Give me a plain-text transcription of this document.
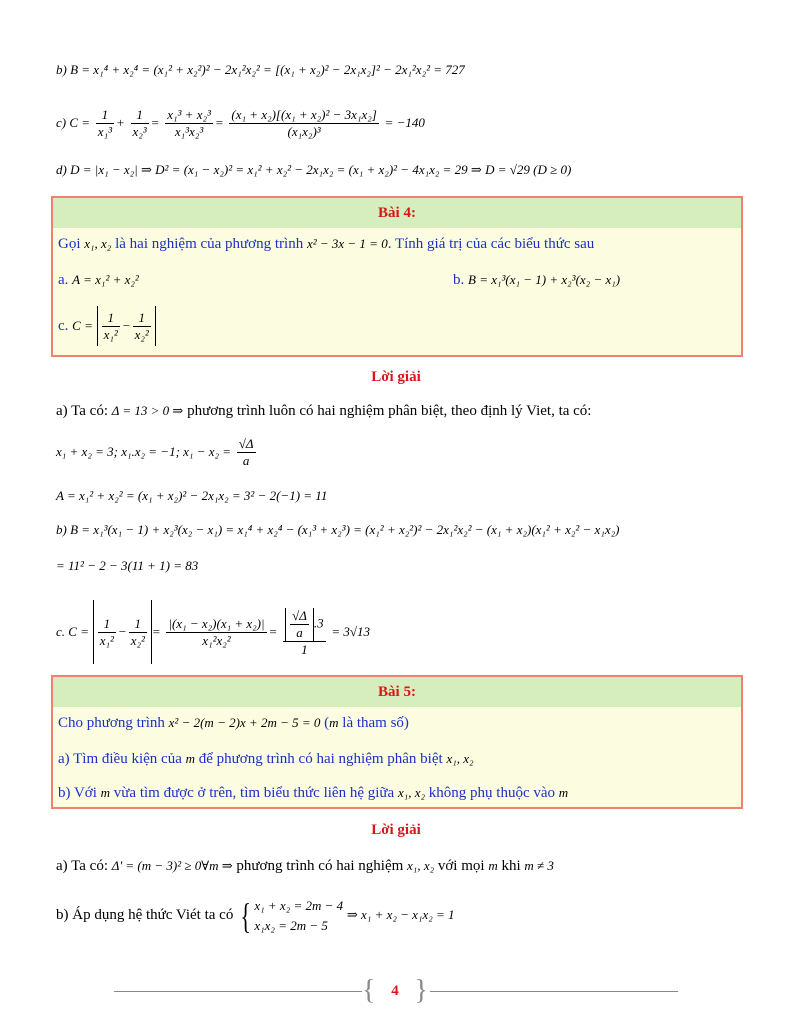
b) B = x₁⁴ + x₂⁴ = (x₁² + x₂²)² − 2x₁²x₂² = [(x₁ + x₂)² − 2x₁x₂]² − 2x₁²x₂² = 727
c) $C = \frac{1}{\text{x₁³}} + \frac{1}{\text{x₂³}} = \frac{\text{x₁³ + x₂³}}{\text{x₁³x₂³}} = \frac{\text{(x₁ + x₂)[(x₁ + x₂)² − 3x₁x₂]}}{\text{(x₁x₂)³}} = -140$
d) D = |x₁ − x₂| ⇒ D² = (x₁ − x₂)² = x₁² + x₂² − 2x₁x₂ = (x₁ + x₂)² − 4x₁x₂ = 29 ⇒ D = √29 (D ≥ 0)
Bài 4:
Gọi x₁, x₂ là hai nghiệm của phương trình x² − 3x − 1 = 0. Tính giá trị của các biểu thức sau
a. A = x₁² + x₂²	b. B = x₁³(x₁ − 1) + x₂³(x₂ − x₁)
c. $C = \frac{1}{\text{x₁²}} - \frac{1}{\text{x₂²}}$
Lời giải
a) Ta có: Δ = 13 > 0 ⇒ phương trình luôn có hai nghiệm phân biệt, theo định lý Viet, ta có:
x₁ + x₂ = 3; x₁.x₂ = −1; $x_1 - x_2 = \frac{√\Delta}{a}$
A = x₁² + x₂² = (x₁ + x₂)² − 2x₁x₂ = 3² − 2(−1) = 11
b) B = x₁³(x₁ − 1) + x₂³(x₂ − x₁) = x₁⁴ + x₂⁴ − (x₁³ + x₂³) = (x₁² + x₂²)² − 2x₁²x₂² − (x₁ + x₂)(x₁² + x₂² − x₁x₂)
= 11² − 2 − 3(11 + 1) = 83
c. $C = \frac{1}{\text{x₁²}} - \frac{1}{\text{x₂²}} = \frac{\text{|(x₁ − x₂)(x₁ + x₂)|}}{\text{x₁²x₂²}} = \frac{\frac{√\Delta}{a} .3}{1} = 3√13$
Bài 5:
Cho phương trình x² − 2(m − 2)x + 2m − 5 = 0 (m là tham số)
a) Tìm điều kiện của m để phương trình có hai nghiệm phân biệt x₁, x₂
b) Với m vừa tìm được ở trên, tìm biểu thức liên hệ giữa x₁, x₂ không phụ thuộc vào m
Lời giải
a) Ta có: Δ' = (m − 3)² ≥ 0∀m ⇒ phương trình có hai nghiệm x₁, x₂ với mọi m khi m ≠ 3
b) Áp dụng hệ thức Viét ta có { x₁ + x₂ = 2m − 4
x₁x₂ = 2m − 5
⇒ x₁ + x₂ − x₁x₂ = 1
{ 4 }
